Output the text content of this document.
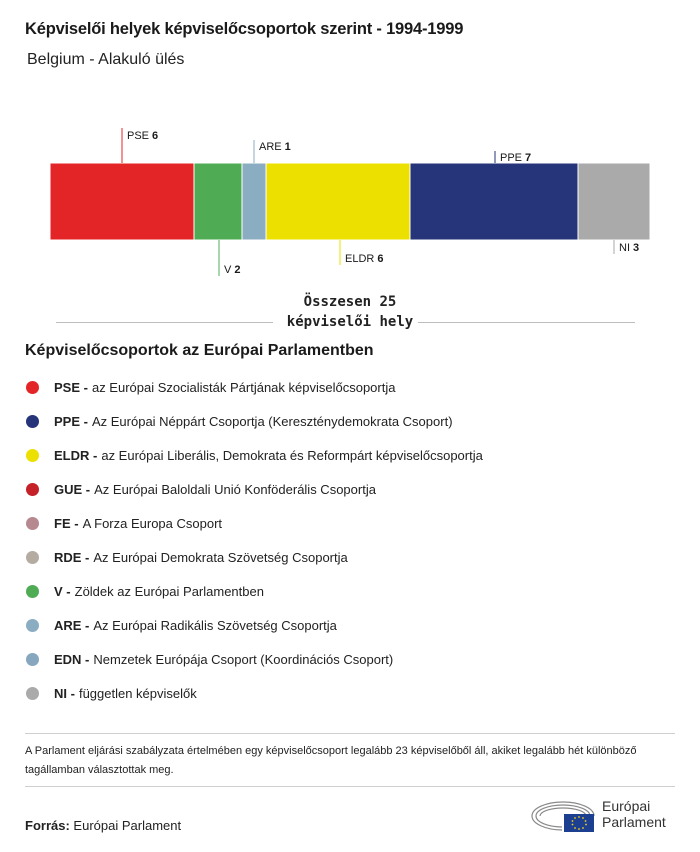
Képviselői helyek képviselőcsoportok szerint - 1994-1999
Belgium - Alakuló ülés
PSE 6
V 2
ARE 1
ELDR 6
PPE 7
NI 3
Összesen 25 képviselői hely
Képviselőcsoportok az Európai Parlamentben
PSE - az Európai Szocialisták Pártjának képviselőcsoportja
PPE - Az Európai Néppárt Csoportja (Kereszténydemokrata Csoport)
ELDR - az Európai Liberális, Demokrata és Reformpárt képviselőcsoportja
GUE - Az Európai Baloldali Unió Konföderális Csoportja
FE - A Forza Europa Csoport
RDE - Az Európai Demokrata Szövetség Csoportja
V - Zöldek az Európai Parlamentben
ARE - Az Európai Radikális Szövetség Csoportja
EDN - Nemzetek Európája Csoport (Koordinációs Csoport)
NI - független képviselők
A Parlament eljárási szabályzata értelmében egy képviselőcsoport legalább 23 képviselőből áll, akiket legalább hét különböző tagállamban választottak meg.
Forrás: Európai Parlament
Európai
Parlament
